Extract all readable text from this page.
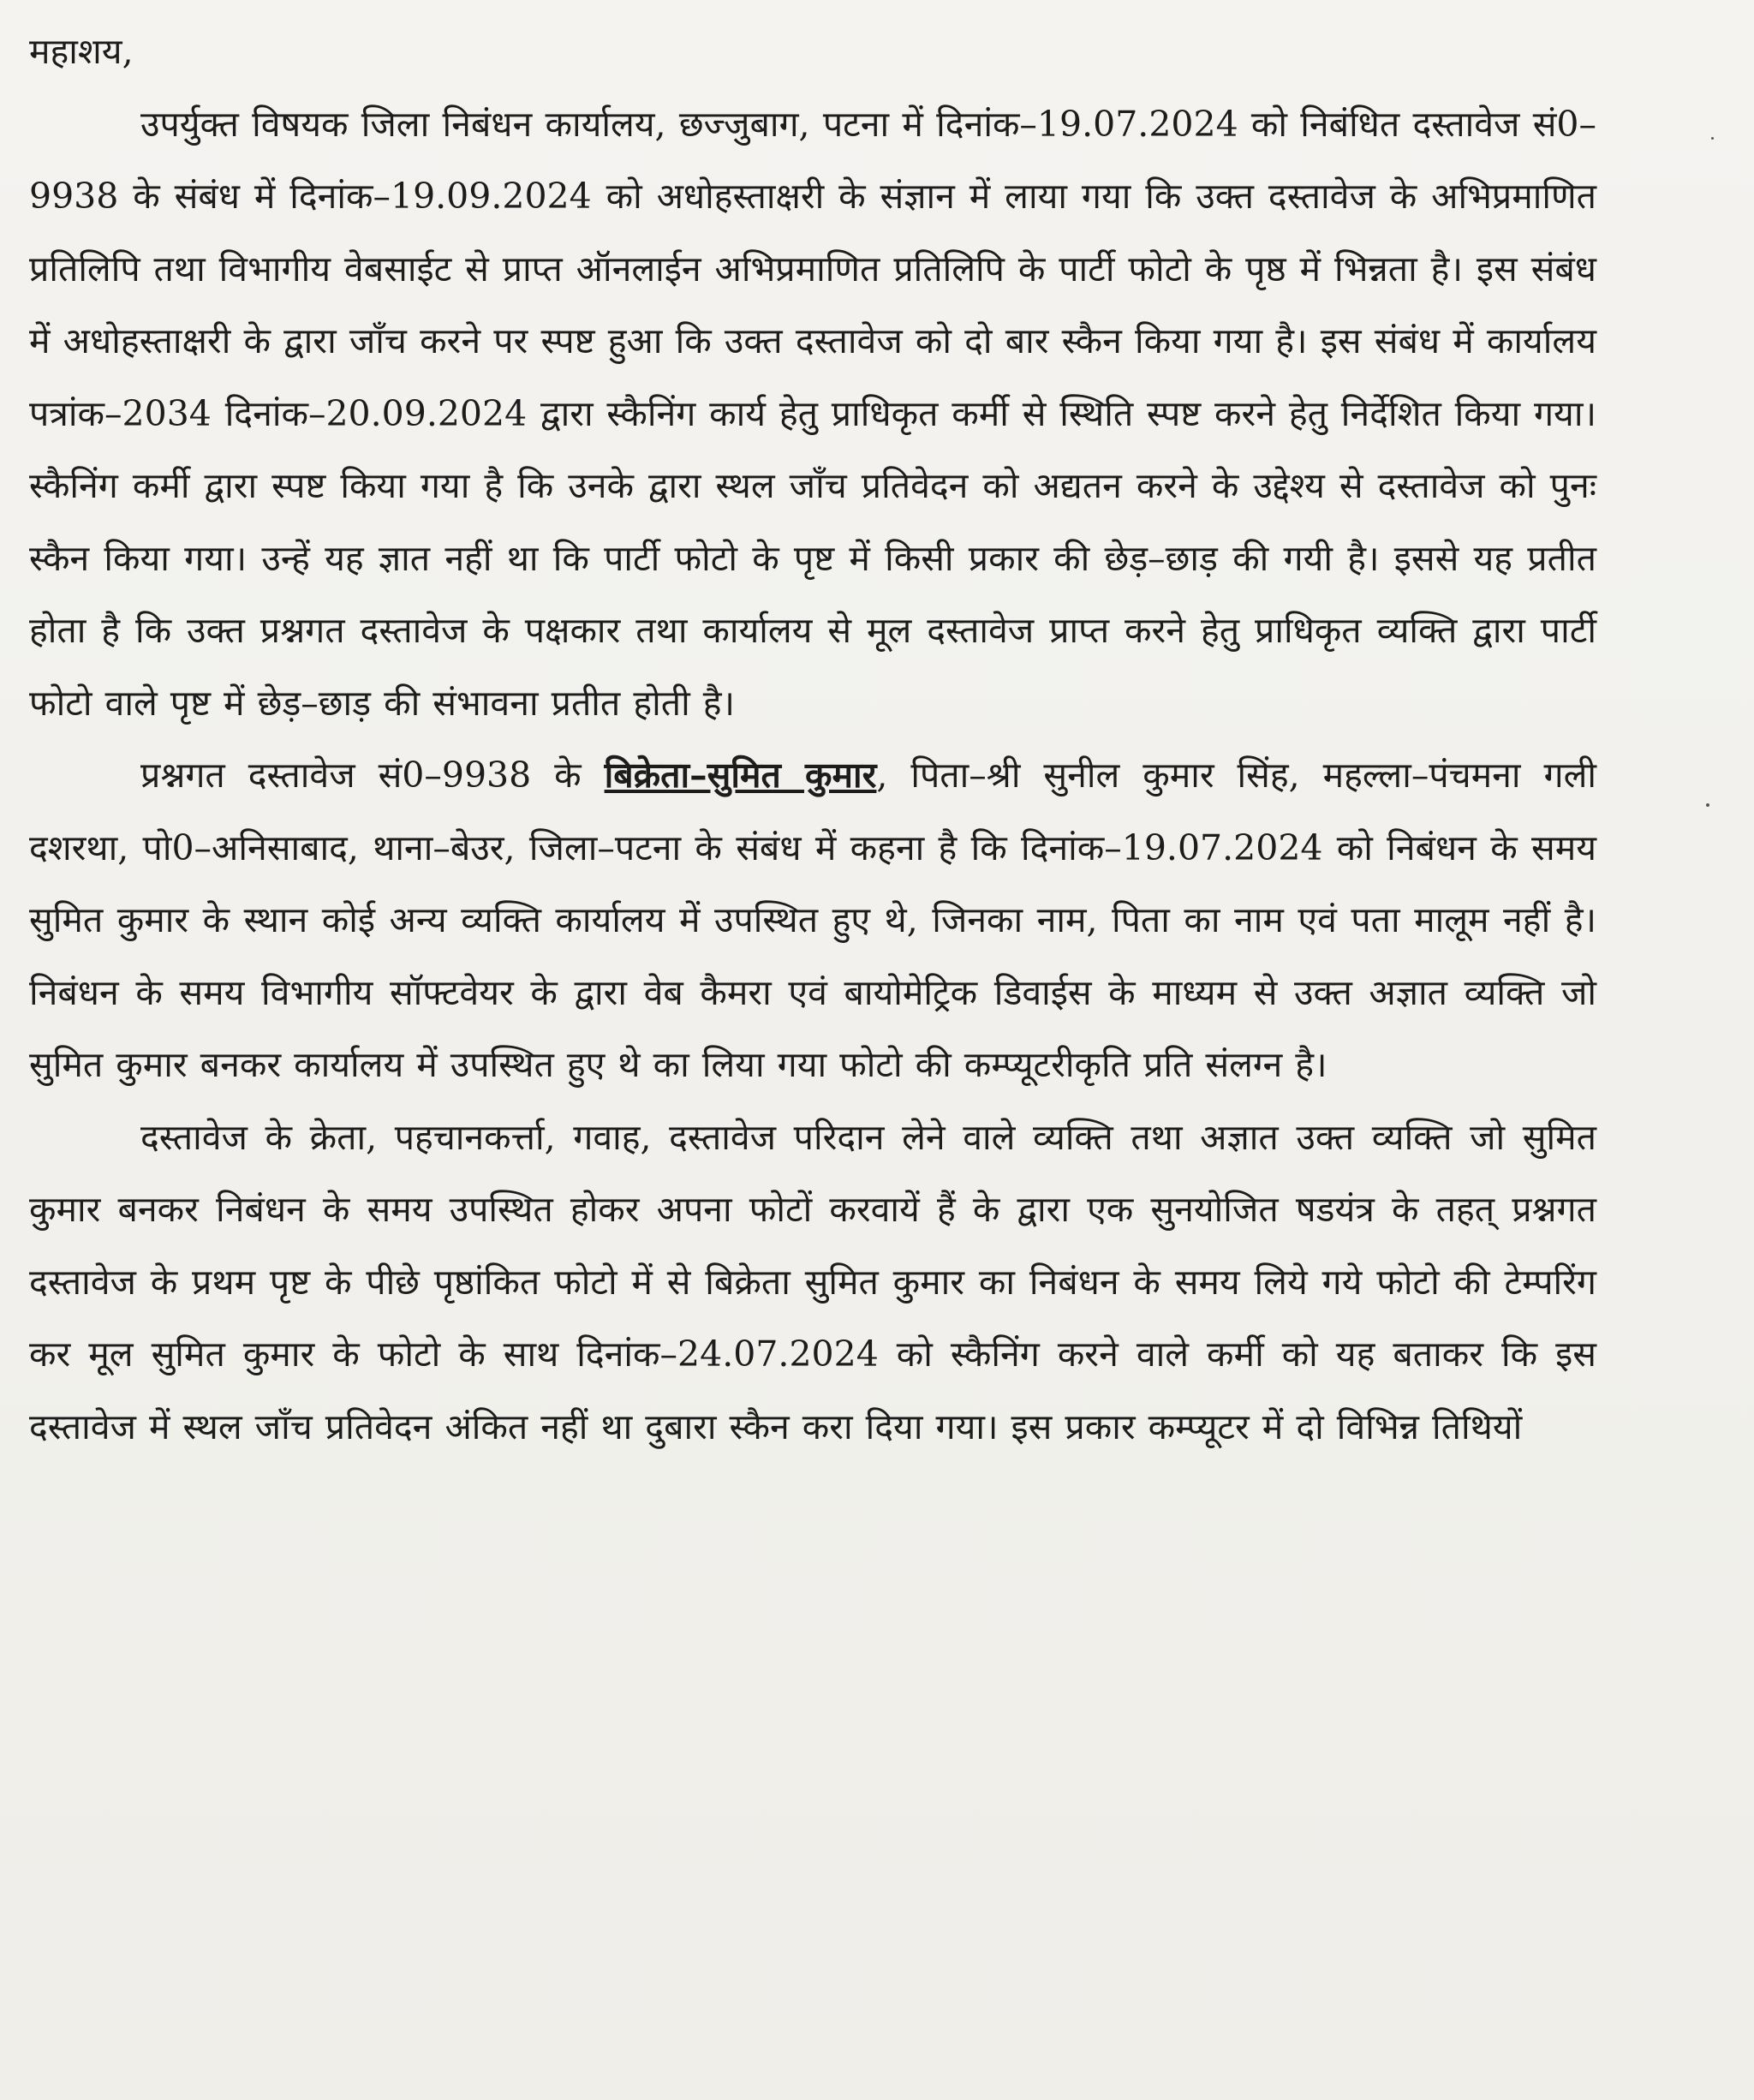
महाशय,

उपर्युक्त विषयक जिला निबंधन कार्यालय, छज्जुबाग, पटना में दिनांक–19.07.2024 को निबंधित दस्तावेज सं0–9938 के संबंध में दिनांक–19.09.2024 को अधोहस्ताक्षरी के संज्ञान में लाया गया कि उक्त दस्तावेज के अभिप्रमाणित प्रतिलिपि तथा विभागीय वेबसाईट से प्राप्त ऑनलाईन अभिप्रमाणित प्रतिलिपि के पार्टी फोटो के पृष्ठ में भिन्नता है। इस संबंध में अधोहस्ताक्षरी के द्वारा जाँच करने पर स्पष्ट हुआ कि उक्त दस्तावेज को दो बार स्कैन किया गया है। इस संबंध में कार्यालय पत्रांक–2034 दिनांक–20.09.2024 द्वारा स्कैनिंग कार्य हेतु प्राधिकृत कर्मी से स्थिति स्पष्ट करने हेतु निर्देशित किया गया। स्कैनिंग कर्मी द्वारा स्पष्ट किया गया है कि उनके द्वारा स्थल जाँच प्रतिवेदन को अद्यतन करने के उद्देश्य से दस्तावेज को पुनः स्कैन किया गया। उन्हें यह ज्ञात नहीं था कि पार्टी फोटो के पृष्ट में किसी प्रकार की छेड़–छाड़ की गयी है। इससे यह प्रतीत होता है कि उक्त प्रश्नगत दस्तावेज के पक्षकार तथा कार्यालय से मूल दस्तावेज प्राप्त करने हेतु प्राधिकृत व्यक्ति द्वारा पार्टी फोटो वाले पृष्ट में छेड़–छाड़ की संभावना प्रतीत होती है।

प्रश्नगत दस्तावेज सं0–9938 के बिक्रेता–सुमित कुमार, पिता–श्री सुनील कुमार सिंह, महल्ला–पंचमना गली दशरथा, पो0–अनिसाबाद, थाना–बेउर, जिला–पटना के संबंध में कहना है कि दिनांक–19.07.2024 को निबंधन के समय सुमित कुमार के स्थान कोई अन्य व्यक्ति कार्यालय में उपस्थित हुए थे, जिनका नाम, पिता का नाम एवं पता मालूम नहीं है। निबंधन के समय विभागीय सॉफ्टवेयर के द्वारा वेब कैमरा एवं बायोमेट्रिक डिवाईस के माध्यम से उक्त अज्ञात व्यक्ति जो सुमित कुमार बनकर कार्यालय में उपस्थित हुए थे का लिया गया फोटो की कम्प्यूटरीकृति प्रति संलग्न है।

दस्तावेज के क्रेता, पहचानकर्त्ता, गवाह, दस्तावेज परिदान लेने वाले व्यक्ति तथा अज्ञात उक्त व्यक्ति जो सुमित कुमार बनकर निबंधन के समय उपस्थित होकर अपना फोटों करवायें हैं के द्वारा एक सुनयोजित षडयंत्र के तहत् प्रश्नगत दस्तावेज के प्रथम पृष्ट के पीछे पृष्ठांकित फोटो में से बिक्रेता सुमित कुमार का निबंधन के समय लिये गये फोटो की टेम्परिंग कर मूल सुमित कुमार के फोटो के साथ दिनांक–24.07.2024 को स्कैनिंग करने वाले कर्मी को यह बताकर कि इस दस्तावेज में स्थल जाँच प्रतिवेदन अंकित नहीं था दुबारा स्कैन करा दिया गया। इस प्रकार कम्प्यूटर में दो विभिन्न तिथियों
